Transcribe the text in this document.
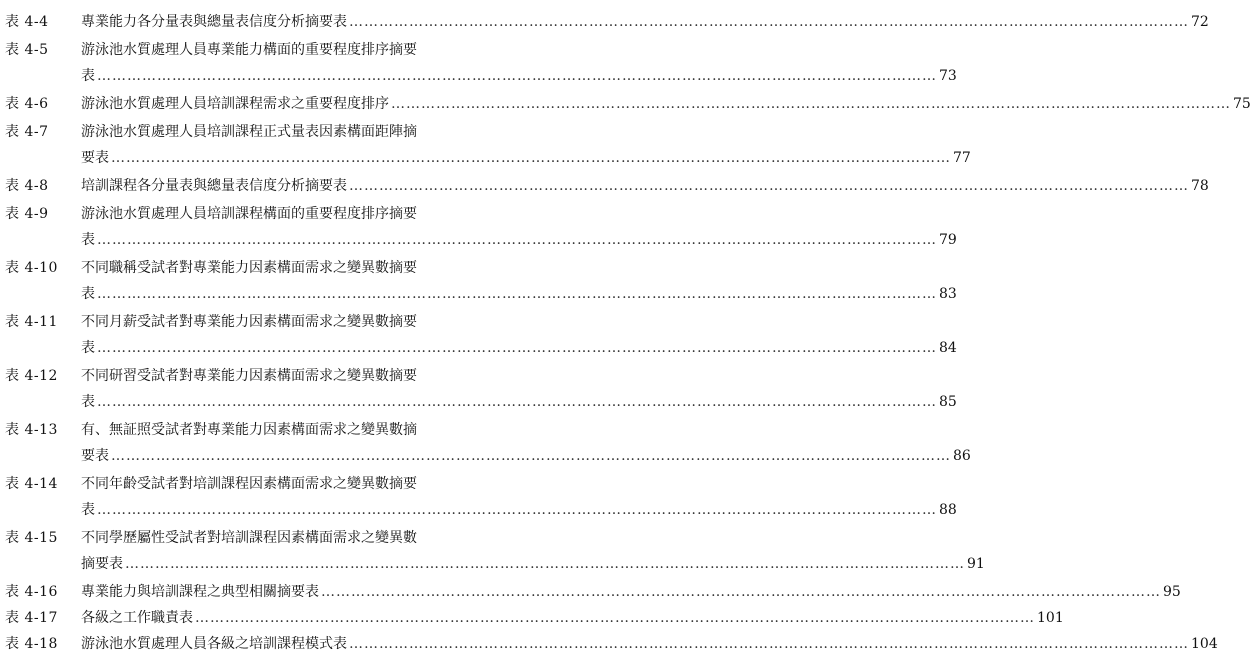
表 4-4	專業能力各分量表與總量表信度分析摘要表 …………………………………………………………………………………………………………………………………………………… 72
表 4-5	游泳池水質處理人員專業能力構面的重要程度排序摘要
表 …………………………………………………………………………………………………………………………………………………… 73
表 4-6	游泳池水質處理人員培訓課程需求之重要程度排序 …………………………………………………………………………………………………………………………………………………… 75
表 4-7	游泳池水質處理人員培訓課程正式量表因素構面距陣摘
要表 …………………………………………………………………………………………………………………………………………………… 77
表 4-8	培訓課程各分量表與總量表信度分析摘要表 …………………………………………………………………………………………………………………………………………………… 78
表 4-9	游泳池水質處理人員培訓課程構面的重要程度排序摘要
表 …………………………………………………………………………………………………………………………………………………… 79
表 4-10	不同職稱受試者對專業能力因素構面需求之變異數摘要
表 …………………………………………………………………………………………………………………………………………………… 83
表 4-11	不同月薪受試者對專業能力因素構面需求之變異數摘要
表 …………………………………………………………………………………………………………………………………………………… 84
表 4-12	不同研習受試者對專業能力因素構面需求之變異數摘要
表 …………………………………………………………………………………………………………………………………………………… 85
表 4-13	有、無証照受試者對專業能力因素構面需求之變異數摘
要表 …………………………………………………………………………………………………………………………………………………… 86
表 4-14	不同年齡受試者對培訓課程因素構面需求之變異數摘要
表 …………………………………………………………………………………………………………………………………………………… 88
表 4-15	不同學歷屬性受試者對培訓課程因素構面需求之變異數
摘要表 …………………………………………………………………………………………………………………………………………………… 91
表 4-16	專業能力與培訓課程之典型相關摘要表 …………………………………………………………………………………………………………………………………………………… 95
表 4-17	各級之工作職責表 …………………………………………………………………………………………………………………………………………………… 101
表 4-18	游泳池水質處理人員各級之培訓課程模式表 …………………………………………………………………………………………………………………………………………………… 104
